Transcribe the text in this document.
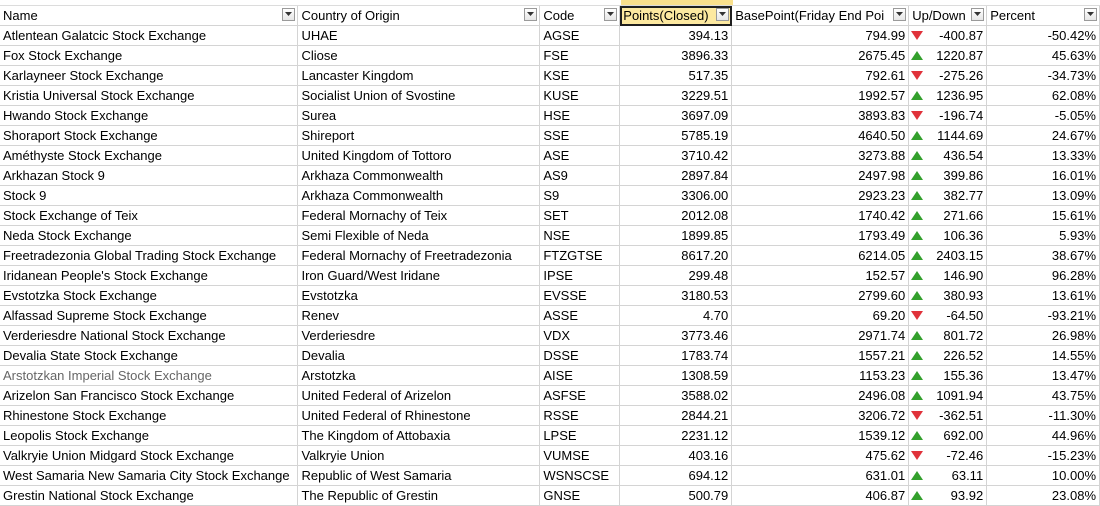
Name	Country of Origin	Code	Points(Closed)	BasePoint(Friday End Poi	Up/Down	Percent

Atlentean Galatcic Stock Exchange	UHAE	AGSE	394.13	794.99	-400.87	-50.42%
Fox Stock Exchange	Cliose	FSE	3896.33	2675.45	1220.87	45.63%
Karlayneer Stock Exchange	Lancaster Kingdom	KSE	517.35	792.61	-275.26	-34.73%
Kristia Universal Stock Exchange	Socialist Union of Svostine	KUSE	3229.51	1992.57	1236.95	62.08%
Hwando Stock Exchange	Surea	HSE	3697.09	3893.83	-196.74	-5.05%
Shoraport Stock Exchange	Shireport	SSE	5785.19	4640.50	1144.69	24.67%
Améthyste Stock Exchange	United Kingdom of Tottoro	ASE	3710.42	3273.88	436.54	13.33%
Arkhazan Stock 9	Arkhaza Commonwealth	AS9	2897.84	2497.98	399.86	16.01%
Stock 9	Arkhaza Commonwealth	S9	3306.00	2923.23	382.77	13.09%
Stock Exchange of Teix	Federal Mornachy of Teix	SET	2012.08	1740.42	271.66	15.61%
Neda Stock Exchange	Semi Flexible of Neda	NSE	1899.85	1793.49	106.36	5.93%
Freetradezonia Global Trading Stock Exchange	Federal Mornachy of Freetradezonia	FTZGTSE	8617.20	6214.05	2403.15	38.67%
Iridanean People's Stock Exchange	Iron Guard/West Iridane	IPSE	299.48	152.57	146.90	96.28%
Evstotzka Stock Exchange	Evstotzka	EVSSE	3180.53	2799.60	380.93	13.61%
Alfassad Supreme Stock Exchange	Renev	ASSE	4.70	69.20	-64.50	-93.21%
Verderiesdre National Stock Exchange	Verderiesdre	VDX	3773.46	2971.74	801.72	26.98%
Devalia State Stock Exchange	Devalia	DSSE	1783.74	1557.21	226.52	14.55%
Arstotzkan Imperial Stock Exchange	Arstotzka	AISE	1308.59	1153.23	155.36	13.47%
Arizelon San Francisco Stock Exchange	United Federal of Arizelon	ASFSE	3588.02	2496.08	1091.94	43.75%
Rhinestone Stock Exchange	United Federal of Rhinestone	RSSE	2844.21	3206.72	-362.51	-11.30%
Leopolis Stock Exchange	The Kingdom of Attobaxia	LPSE	2231.12	1539.12	692.00	44.96%
Valkryie Union Midgard Stock Exchange	Valkryie Union	VUMSE	403.16	475.62	-72.46	-15.23%
West Samaria New Samaria City Stock Exchange	Republic of West Samaria	WSNSCSE	694.12	631.01	63.11	10.00%
Grestin National Stock Exchange	The Republic of Grestin	GNSE	500.79	406.87	93.92	23.08%
